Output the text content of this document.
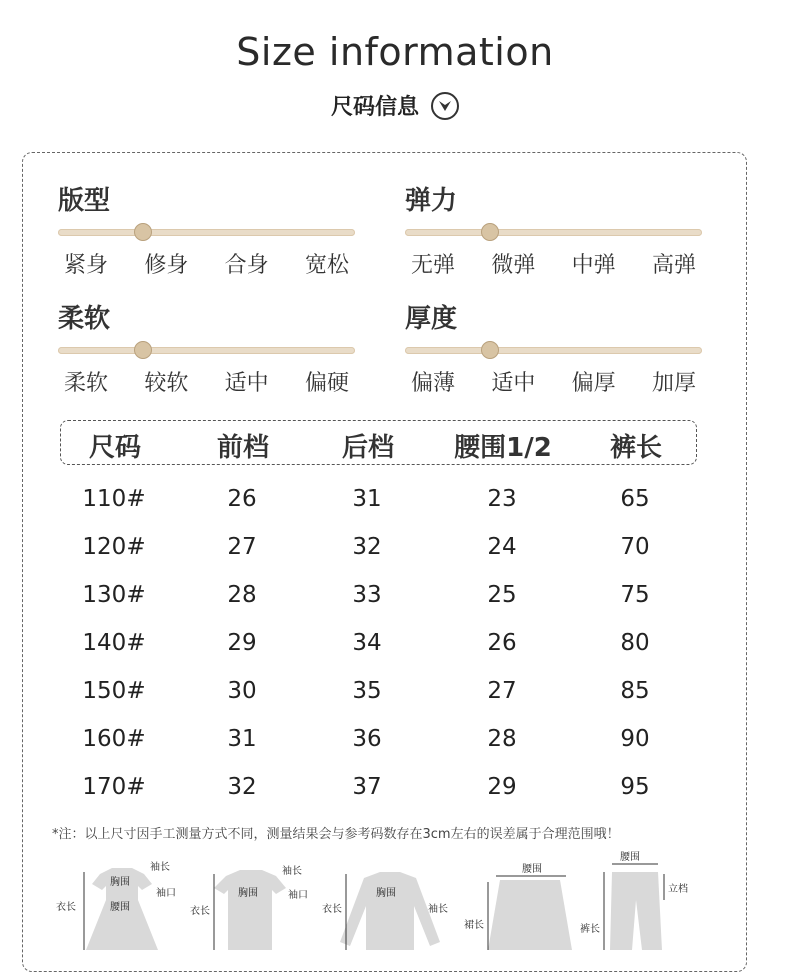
Size information
尺码信息
版型
紧身 修身 合身 宽松
弹力
无弹 微弹 中弹 高弹
柔软
柔软 较软 适中 偏硬
厚度
偏薄 适中 偏厚 加厚
尺码	前档	后档 腰围1/2 裤长
110#	26	31	23	65
120#	27	32	24	70
130#	28	33	25	75
140#	29	34	26	80
150#	30	35	27	85
160#	31	36	28	90
170#	32	37	29	95
*注：以上尺寸因手工测量方式不同，测量结果会与参考码数存在3cm左右的误差属于合理范围哦！
衣长
胸围
腰围
袖长
袖口
衣长
胸围
袖长
袖口
衣长
胸围
袖长
腰围
裙长
腰围
裤长
立档
